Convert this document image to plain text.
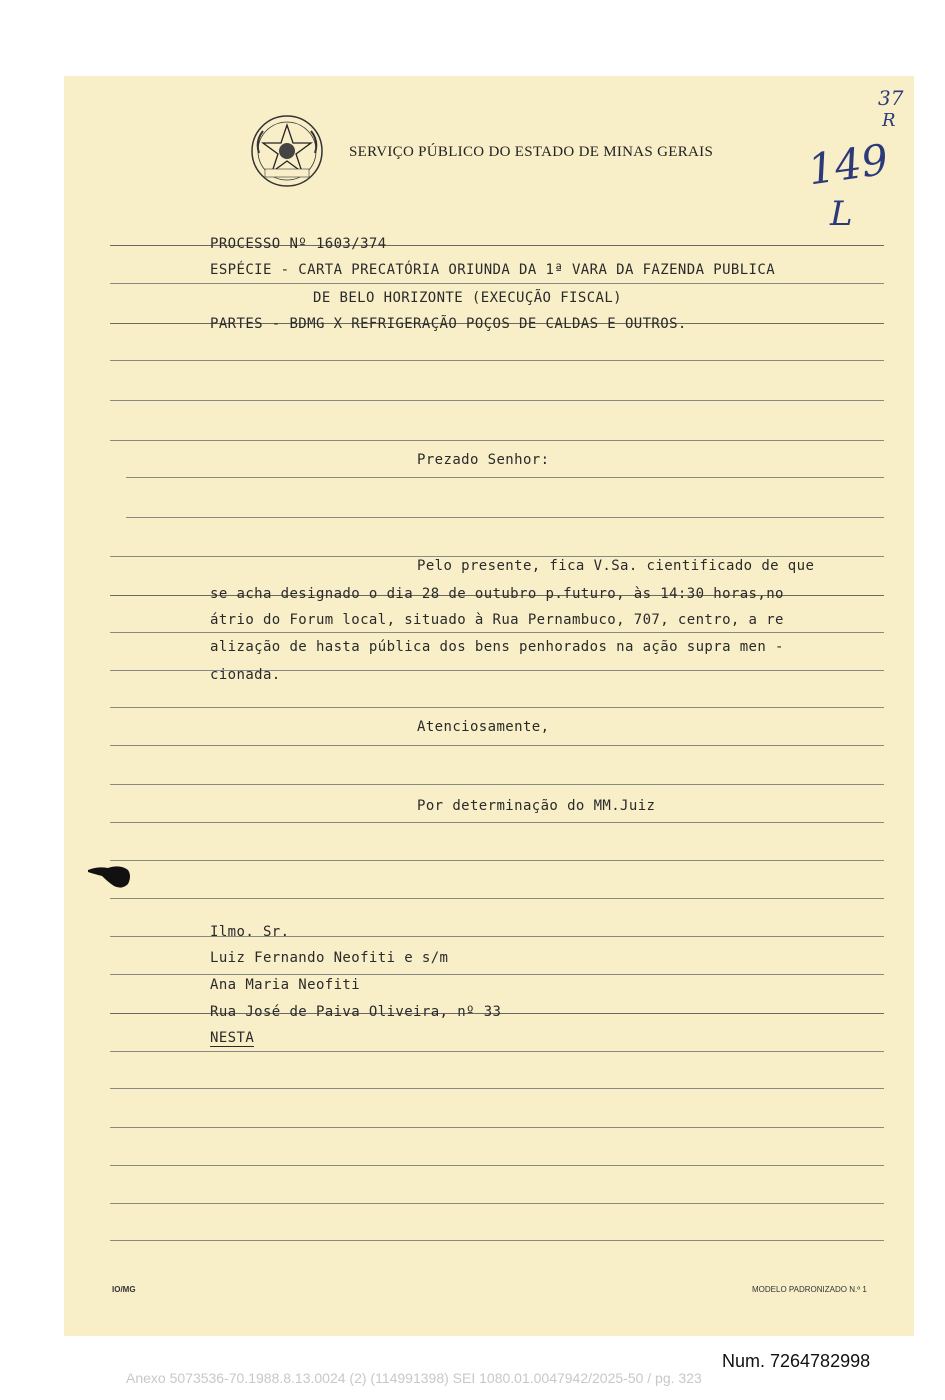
SERVIÇO PÚBLICO DO ESTADO DE MINAS GERAIS
37
R
149
L
PROCESSO Nº 1603/374
ESPÉCIE - CARTA PRECATÓRIA ORIUNDA DA 1ª VARA DA FAZENDA PUBLICA
DE BELO HORIZONTE (EXECUÇÃO FISCAL)
PARTES - BDMG X REFRIGERAÇÃO POÇOS DE CALDAS E OUTROS.
Prezado Senhor:
Pelo presente, fica V.Sa. cientificado de que
se acha designado o dia 28 de outubro p.futuro, às 14:30 horas,no
átrio do Forum local, situado à Rua Pernambuco, 707, centro, a re
alização de hasta pública dos bens penhorados na ação supra men -
cionada.
Atenciosamente,
Por determinação do MM.Juiz
Ilmo. Sr.
Luiz Fernando Neofiti e s/m
Ana Maria Neofiti
Rua José de Paiva Oliveira, nº 33
NESTA
IO/MG	MODELO PADRONIZADO N.º 1
Num. 7264782998
Anexo 5073536-70.1988.8.13.0024 (2) (114991398) SEI 1080.01.0047942/2025-50 / pg. 323
